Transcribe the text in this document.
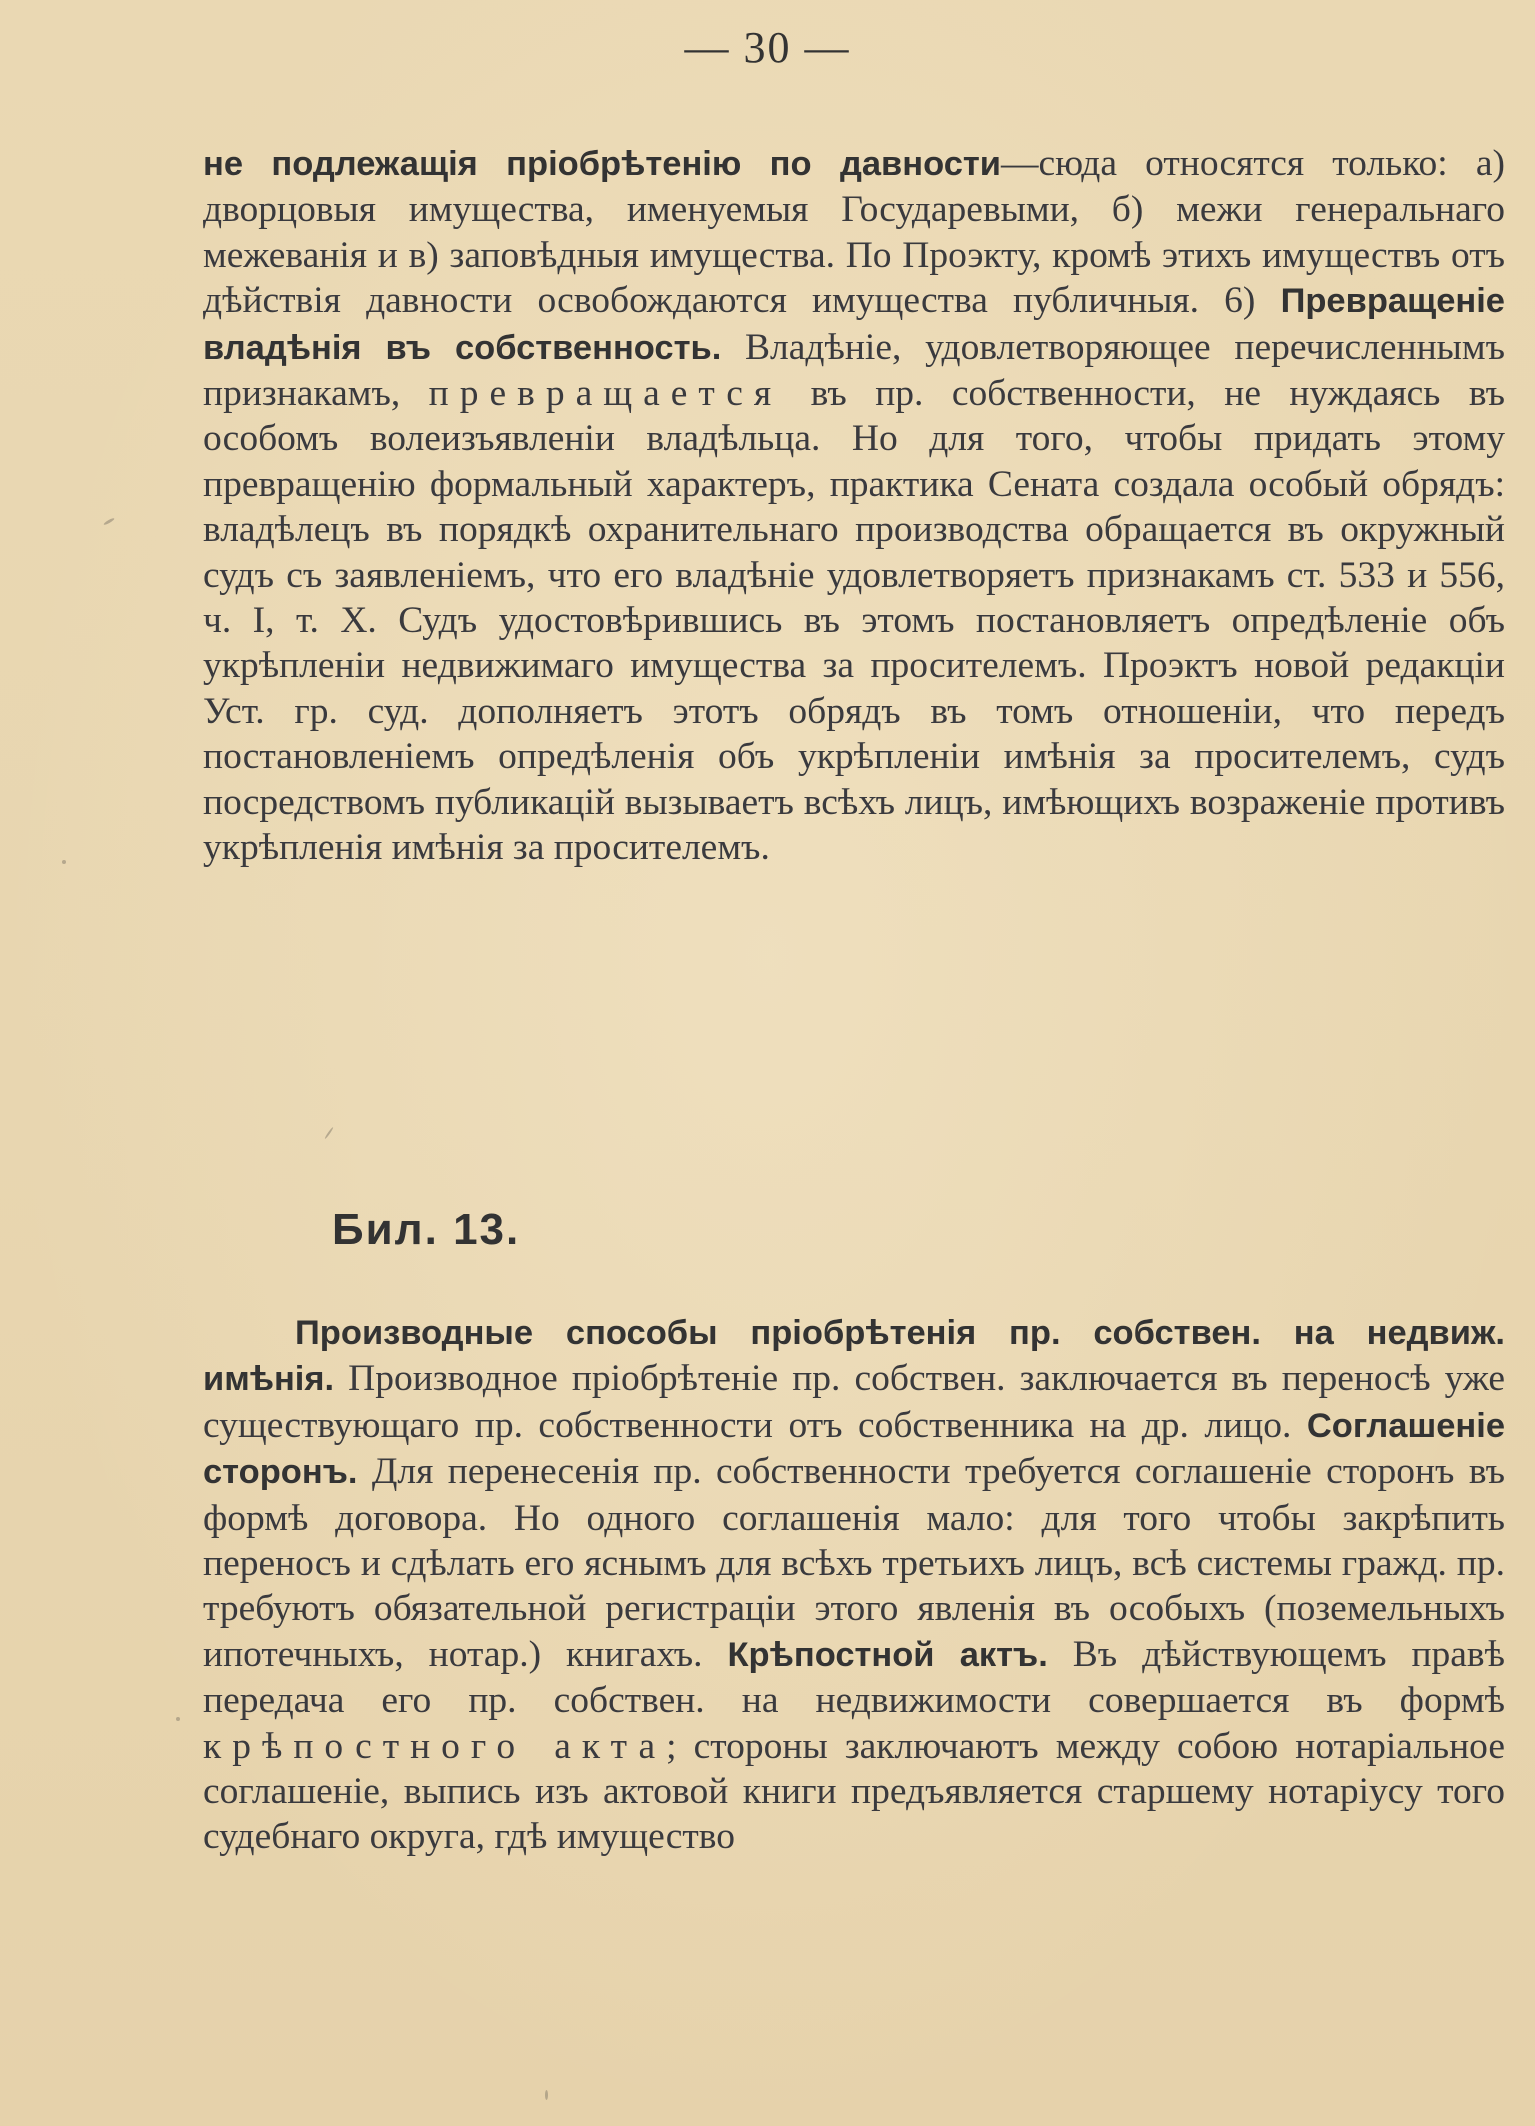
— 30 —

не подлежащія пріобрѣтенію по давности—сюда относятся только: а) дворцовыя имущества, именуемыя Государевыми, б) межи генеральнаго межеванія и в) заповѣдныя имущества. По Проэкту, кромѣ этихъ имуществъ отъ дѣйствія давности освобождаются имущества публичныя. 6) Превращеніе владѣнія въ собственность. Владѣніе, удовлетворяющее перечисленнымъ признакамъ, превращается въ пр. собственности, не нуждаясь въ особомъ волеизъявленіи владѣльца. Но для того, чтобы придать этому превращенію формальный характеръ, практика Сената создала особый обрядъ: владѣлецъ въ порядкѣ охранительнаго производства обращается въ окружный судъ съ заявленіемъ, что его владѣніе удовлетворяетъ признакамъ ст. 533 и 556, ч. I, т. X. Судъ удостовѣрившись въ этомъ постановляетъ опредѣленіе объ укрѣпленіи недвижимаго имущества за просителемъ. Проэктъ новой редакціи Уст. гр. суд. дополняетъ этотъ обрядъ въ томъ отношеніи, что передъ постановленіемъ опредѣленія объ укрѣпленіи имѣнія за просителемъ, судъ посредствомъ публикацій вызываетъ всѣхъ лицъ, имѣющихъ возраженіе противъ укрѣпленія имѣнія за просителемъ.

Бил. 13.

Производные способы пріобрѣтенія пр. собствен. на недвиж. имѣнія. Производное пріобрѣтеніе пр. собствен. заключается въ переносѣ уже существующаго пр. собственности отъ собственника на др. лицо. Соглашеніе сторонъ. Для перенесенія пр. собственности требуется соглашеніе сторонъ въ формѣ договора. Но одного соглашенія мало: для того чтобы закрѣпить переносъ и сдѣлать его яснымъ для всѣхъ третьихъ лицъ, всѣ системы гражд. пр. требуютъ обязательной регистраціи этого явленія въ особыхъ (поземельныхъ ипотечныхъ, нотар.) книгахъ. Крѣпостной актъ. Въ дѣйствующемъ правѣ передача его пр. собствен. на недвижимости совершается въ формѣ крѣпостного акта; стороны заключаютъ между собою нотаріальное соглашеніе, выпись изъ актовой книги предъявляется старшему нотаріусу того судебнаго округа, гдѣ имущество
